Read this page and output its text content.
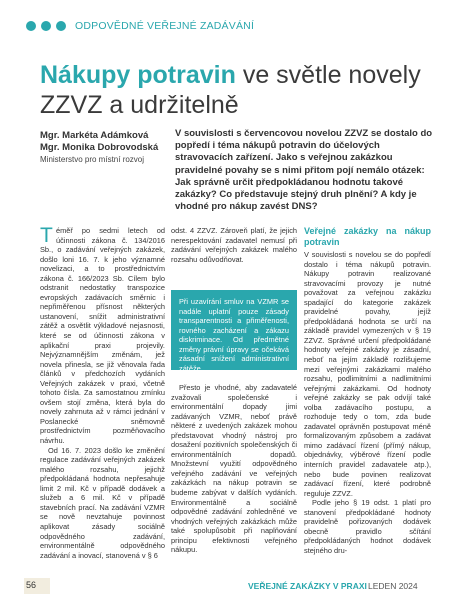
ODPOVĚDNÉ VEŘEJNÉ ZADÁVÁNÍ
Nákupy potravin ve světle novely ZZVZ a udržitelně
Mgr. Markéta Adámková
Mgr. Monika Dobrovodská
Ministerstvo pro místní rozvoj
V souvislosti s červencovou novelou ZZVZ se dostalo do popředí i téma nákupů potravin do účelových stravovacích zařízení. Jako s veřejnou zakázkou pravidelné povahy se s nimi přitom pojí nemálo otázek: Jak správně určit předpokládanou hodnotu takové zakázky? Co představuje stejný druh plnění? A kdy je vhodné pro nákup zavést DNS?

T éměř po sedmi letech od účinnosti zákona č. 134/2016 Sb., o zadávání veřejných zakázek, došlo loni 16. 7. k jeho významné novelizaci, a to prostřednictvím zákona č. 166/2023 Sb. Cílem bylo odstranit nedostatky transpozice evropských zadávacích směrnic i nepřiměřenou přísnost některých ustanovení, snížit administrativní zátěž a osvětlit výkladové nejasnosti, které se od účinnosti zákona v aplikační praxi projevily. Nejvýznamnějším změnám, jež novela přinesla, se již věnovala řada článků v předchozích vydáních Veřejných zakázek v praxi, včetně tohoto čísla. Za samostatnou zmínku ovšem stojí změna, která byla do novely zahrnuta až v rámci jednání v Poslanecké sněmovně prostřednictvím pozměňovacího návrhu.

Od 16. 7. 2023 došlo ke změnění regulace zadávání veřejných zakázek malého rozsahu, jejichž předpokládaná hodnota nepřesahuje limit 2 mil. Kč v případě dodávek a služeb a 6 mil. Kč v případě stavebních prací. Na zadávání VZMR se nově nevztahuje povinnost aplikovat zásady sociálně odpovědného zadávání, environmentálně odpovědného zadávání a inovací, stanovená v § 6

odst. 4 ZZVZ. Zároveň platí, že jejich nerespektování zadavatel nemusí při zadávání veřejných zakázek malého rozsahu odůvodňovat.

Při uzavírání smluv na VZMR se nadále uplatní pouze zásady transparentnosti a přiměřenosti, rovného zacházení a zákazu diskriminace. Od předmětné změny právní úpravy se očekává zásadní snížení administrativní zátěže.

Přesto je vhodné, aby zadavatelé zvažovali společenské i environmentální dopady jimi zadávaných VZMR, neboť právě některé z uvedených zakázek mohou představovat vhodný nástroj pro dosažení pozitivních společenských či environmentálních dopadů. Množstevní využití odpovědného veřejného zadávání ve veřejných zakázkách na nákup potravin se budeme zabývat v dalších vydáních. Environmentálně a sociálně odpovědné zadávání zohledněné ve vhodných veřejných zakázkách může také spolupůsobit při naplňování principu efektivnosti veřejného nákupu.

Veřejné zakázky na nákup potravin

V souvislosti s novelou se do popředí dostalo i téma nákupů potravin. Nákupy potravin realizované stravovacími provozy je nutné považovat za veřejnou zakázku spadající do kategorie zakázek pravidelné povahy, jejíž předpokládaná hodnota se určí na základě pravidel vymezených v § 19 ZZVZ. Správné určení předpokládané hodnoty veřejné zakázky je zásadní, neboť na jejím základě rozlišujeme mezi veřejnými zakázkami malého rozsahu, podlimitními a nadlimitními veřejnými zakázkami. Od hodnoty veřejné zakázky se pak odvíjí také volba zadávacího postupu, a rozhoduje tedy o tom, zda bude zadavatel oprávněn postupovat méně formalizovaným způsobem a zadávat mimo zadávací řízení (přímý nákup, objednávky, výběrové řízení podle interních pravidel zadavatele atp.), nebo bude povinen realizovat zadávací řízení, které podrobně reguluje ZZVZ.

Podle jeho § 19 odst. 1 platí pro stanovení předpokládané hodnoty pravidelně pořizovaných dodávek obecně pravidlo sčítání předpokládaných hodnot dodávek stejného dru-

56	VEŘEJNÉ ZAKÁZKY V PRAXI LEDEN 2024
